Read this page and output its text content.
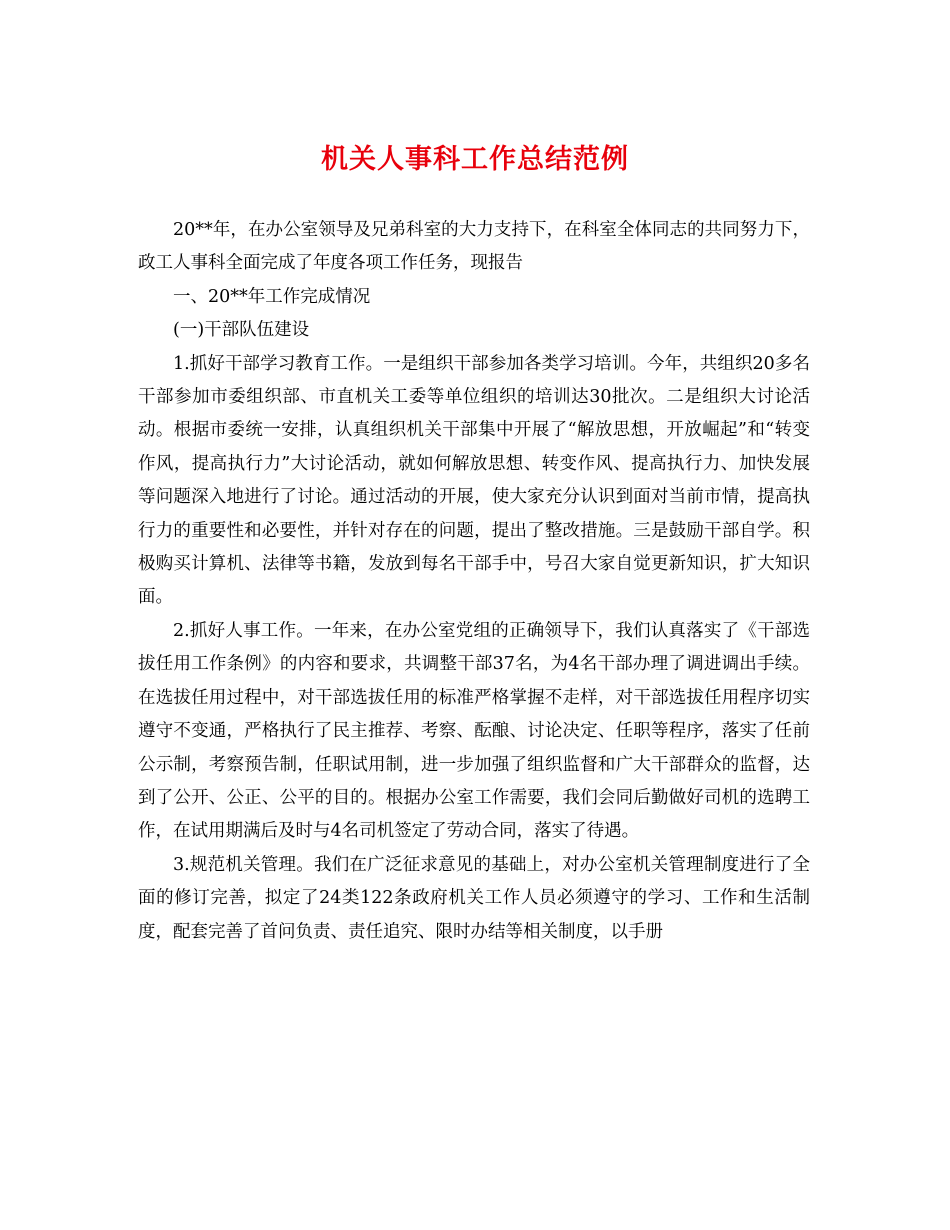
机关人事科工作总结范例

20**年，在办公室领导及兄弟科室的大力支持下，在科室全体同志的共同努力下，政工人事科全面完成了年度各项工作任务，现报告

一、20**年工作完成情况

(一)干部队伍建设

1.抓好干部学习教育工作。一是组织干部参加各类学习培训。今年，共组织20多名干部参加市委组织部、市直机关工委等单位组织的培训达30批次。二是组织大讨论活动。根据市委统一安排，认真组织机关干部集中开展了“解放思想，开放崛起”和“转变作风，提高执行力”大讨论活动，就如何解放思想、转变作风、提高执行力、加快发展等问题深入地进行了讨论。通过活动的开展，使大家充分认识到面对当前市情，提高执行力的重要性和必要性，并针对存在的问题，提出了整改措施。三是鼓励干部自学。积极购买计算机、法律等书籍，发放到每名干部手中，号召大家自觉更新知识，扩大知识面。

2.抓好人事工作。一年来，在办公室党组的正确领导下，我们认真落实了《干部选拔任用工作条例》的内容和要求，共调整干部37名，为4名干部办理了调进调出手续。在选拔任用过程中，对干部选拔任用的标准严格掌握不走样，对干部选拔任用程序切实遵守不变通，严格执行了民主推荐、考察、酝酿、讨论决定、任职等程序，落实了任前公示制，考察预告制，任职试用制，进一步加强了组织监督和广大干部群众的监督，达到了公开、公正、公平的目的。根据办公室工作需要，我们会同后勤做好司机的选聘工作，在试用期满后及时与4名司机签定了劳动合同，落实了待遇。

3.规范机关管理。我们在广泛征求意见的基础上，对办公室机关管理制度进行了全面的修订完善，拟定了24类122条政府机关工作人员必须遵守的学习、工作和生活制度，配套完善了首问负责、责任追究、限时办结等相关制度，以手册
